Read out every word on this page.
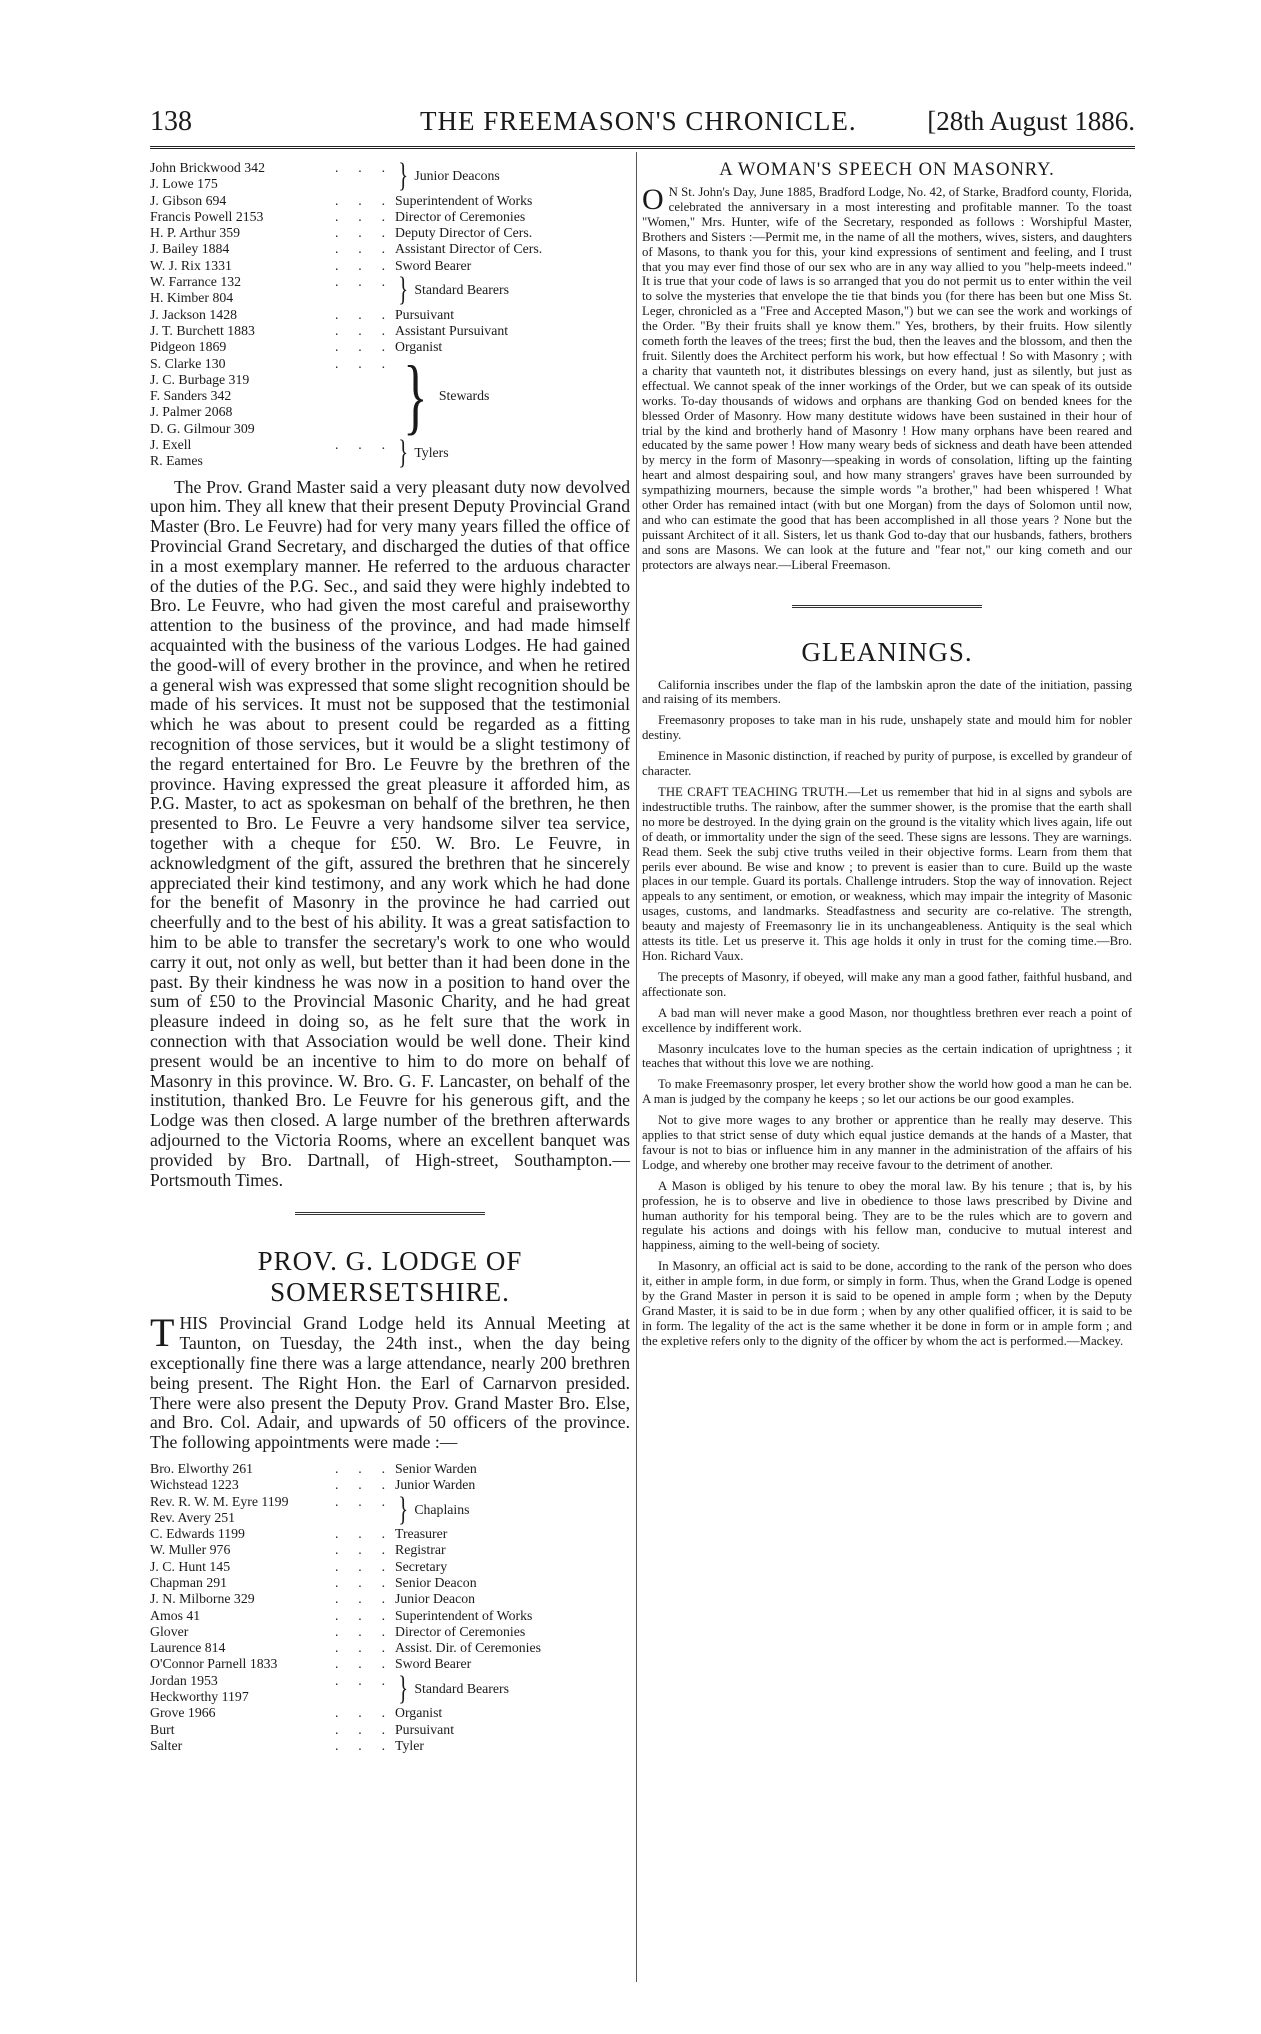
138	THE FREEMASON'S CHRONICLE.	[28th August 1886.
John Brickwood 342
J. Lowe 175
. . . } Junior Deacons
J. Gibson 694	. . . Superintendent of Works
Francis Powell 2153	. . . Director of Ceremonies
H. P. Arthur 359	. . . Deputy Director of Cers.
J. Bailey 1884	. . . Assistant Director of Cers.
W. J. Rix 1331	. . . Sword Bearer
W. Farrance 132
H. Kimber 804
. . . } Standard Bearers
J. Jackson 1428	. . . Pursuivant
J. T. Burchett 1883	. . . Assistant Pursuivant
Pidgeon 1869	. . . Organist
S. Clarke 130
J. C. Burbage 319
F. Sanders 342
J. Palmer 2068
D. G. Gilmour 309
. . . } Stewards
J. Exell
R. Eames
. . . } Tylers

The Prov. Grand Master said a very pleasant duty now devolved upon him. They all knew that their present Deputy Provincial Grand Master (Bro. Le Feuvre) had for very many years filled the office of Provincial Grand Secretary, and discharged the duties of that office in a most exemplary manner. He referred to the arduous character of the duties of the P.G. Sec., and said they were highly indebted to Bro. Le Feuvre, who had given the most careful and praiseworthy attention to the business of the province, and had made himself acquainted with the business of the various Lodges. He had gained the good-will of every brother in the province, and when he retired a general wish was expressed that some slight recognition should be made of his services. It must not be supposed that the testimonial which he was about to present could be regarded as a fitting recognition of those services, but it would be a slight testimony of the regard entertained for Bro. Le Feuvre by the brethren of the province. Having expressed the great pleasure it afforded him, as P.G. Master, to act as spokesman on behalf of the brethren, he then presented to Bro. Le Feuvre a very handsome silver tea service, together with a cheque for £50. W. Bro. Le Feuvre, in acknowledgment of the gift, assured the brethren that he sincerely appreciated their kind testimony, and any work which he had done for the benefit of Masonry in the province he had carried out cheerfully and to the best of his ability. It was a great satisfaction to him to be able to transfer the secretary's work to one who would carry it out, not only as well, but better than it had been done in the past. By their kindness he was now in a position to hand over the sum of £50 to the Provincial Masonic Charity, and he had great pleasure indeed in doing so, as he felt sure that the work in connection with that Association would be well done. Their kind present would be an incentive to him to do more on behalf of Masonry in this province. W. Bro. G. F. Lancaster, on behalf of the institution, thanked Bro. Le Feuvre for his generous gift, and the Lodge was then closed. A large number of the brethren afterwards adjourned to the Victoria Rooms, where an excellent banquet was provided by Bro. Dartnall, of High-street, Southampton.—Portsmouth Times.

PROV. G. LODGE OF SOMERSETSHIRE.

THIS Provincial Grand Lodge held its Annual Meeting at Taunton, on Tuesday, the 24th inst., when the day being exceptionally fine there was a large attendance, nearly 200 brethren being present. The Right Hon. the Earl of Carnarvon presided. There were also present the Deputy Prov. Grand Master Bro. Else, and Bro. Col. Adair, and upwards of 50 officers of the province. The following appointments were made :—

Bro. Elworthy 261	. . . Senior Warden
Wichstead 1223	. . . Junior Warden
Rev. R. W. M. Eyre 1199
Rev. Avery 251
. . . } Chaplains
C. Edwards 1199	. . . Treasurer
W. Muller 976	. . . Registrar
J. C. Hunt 145	. . . Secretary
Chapman 291	. . . Senior Deacon
J. N. Milborne 329	. . . Junior Deacon
Amos 41	. . . Superintendent of Works
Glover	. . . Director of Ceremonies
Laurence 814	. . . Assist. Dir. of Ceremonies
O'Connor Parnell 1833	. . . Sword Bearer
Jordan 1953
Heckworthy 1197
. . . } Standard Bearers
Grove 1966	. . . Organist
Burt	. . . Pursuivant
Salter	. . . Tyler
A WOMAN'S SPEECH ON MASONRY.

O N St. John's Day, June 1885, Bradford Lodge, No. 42, of Starke, Bradford county, Florida, celebrated the anniversary in a most interesting and profitable manner. To the toast "Women," Mrs. Hunter, wife of the Secretary, responded as follows : Worshipful Master, Brothers and Sisters :—Permit me, in the name of all the mothers, wives, sisters, and daughters of Masons, to thank you for this, your kind expressions of sentiment and feeling, and I trust that you may ever find those of our sex who are in any way allied to you "help-meets indeed." It is true that your code of laws is so arranged that you do not permit us to enter within the veil to solve the mysteries that envelope the tie that binds you (for there has been but one Miss St. Leger, chronicled as a "Free and Accepted Mason,") but we can see the work and workings of the Order. "By their fruits shall ye know them." Yes, brothers, by their fruits. How silently cometh forth the leaves of the trees; first the bud, then the leaves and the blossom, and then the fruit. Silently does the Architect perform his work, but how effectual ! So with Masonry ; with a charity that vaunteth not, it distributes blessings on every hand, just as silently, but just as effectual. We cannot speak of the inner workings of the Order, but we can speak of its outside works. To-day thousands of widows and orphans are thanking God on bended knees for the blessed Order of Masonry. How many destitute widows have been sustained in their hour of trial by the kind and brotherly hand of Masonry ! How many orphans have been reared and educated by the same power ! How many weary beds of sickness and death have been attended by mercy in the form of Masonry—speaking in words of consolation, lifting up the fainting heart and almost despairing soul, and how many strangers' graves have been surrounded by sympathizing mourners, because the simple words "a brother," had been whispered ! What other Order has remained intact (with but one Morgan) from the days of Solomon until now, and who can estimate the good that has been accomplished in all those years ? None but the puissant Architect of it all. Sisters, let us thank God to-day that our husbands, fathers, brothers and sons are Masons. We can look at the future and "fear not," our king cometh and our protectors are always near.—Liberal Freemason.

GLEANINGS.

California inscribes under the flap of the lambskin apron the date of the initiation, passing and raising of its members.

Freemasonry proposes to take man in his rude, unshapely state and mould him for nobler destiny.

Eminence in Masonic distinction, if reached by purity of purpose, is excelled by grandeur of character.

THE CRAFT TEACHING TRUTH.—Let us remember that hid in al signs and sybols are indestructible truths. The rainbow, after the summer shower, is the promise that the earth shall no more be destroyed. In the dying grain on the ground is the vitality which lives again, life out of death, or immortality under the sign of the seed. These signs are lessons. They are warnings. Read them. Seek the subj ctive truths veiled in their objective forms. Learn from them that perils ever abound. Be wise and know ; to prevent is easier than to cure. Build up the waste places in our temple. Guard its portals. Challenge intruders. Stop the way of innovation. Reject appeals to any sentiment, or emotion, or weakness, which may impair the integrity of Masonic usages, customs, and landmarks. Steadfastness and security are co-relative. The strength, beauty and majesty of Freemasonry lie in its unchangeableness. Antiquity is the seal which attests its title. Let us preserve it. This age holds it only in trust for the coming time.—Bro. Hon. Richard Vaux.

The precepts of Masonry, if obeyed, will make any man a good father, faithful husband, and affectionate son.

A bad man will never make a good Mason, nor thoughtless brethren ever reach a point of excellence by indifferent work.

Masonry inculcates love to the human species as the certain indication of uprightness ; it teaches that without this love we are nothing.

To make Freemasonry prosper, let every brother show the world how good a man he can be. A man is judged by the company he keeps ; so let our actions be our good examples.

Not to give more wages to any brother or apprentice than he really may deserve. This applies to that strict sense of duty which equal justice demands at the hands of a Master, that favour is not to bias or influence him in any manner in the administration of the affairs of his Lodge, and whereby one brother may receive favour to the detriment of another.

A Mason is obliged by his tenure to obey the moral law. By his tenure ; that is, by his profession, he is to observe and live in obedience to those laws prescribed by Divine and human authority for his temporal being. They are to be the rules which are to govern and regulate his actions and doings with his fellow man, conducive to mutual interest and happiness, aiming to the well-being of society.

In Masonry, an official act is said to be done, according to the rank of the person who does it, either in ample form, in due form, or simply in form. Thus, when the Grand Lodge is opened by the Grand Master in person it is said to be opened in ample form ; when by the Deputy Grand Master, it is said to be in due form ; when by any other qualified officer, it is said to be in form. The legality of the act is the same whether it be done in form or in ample form ; and the expletive refers only to the dignity of the officer by whom the act is performed.—Mackey.
